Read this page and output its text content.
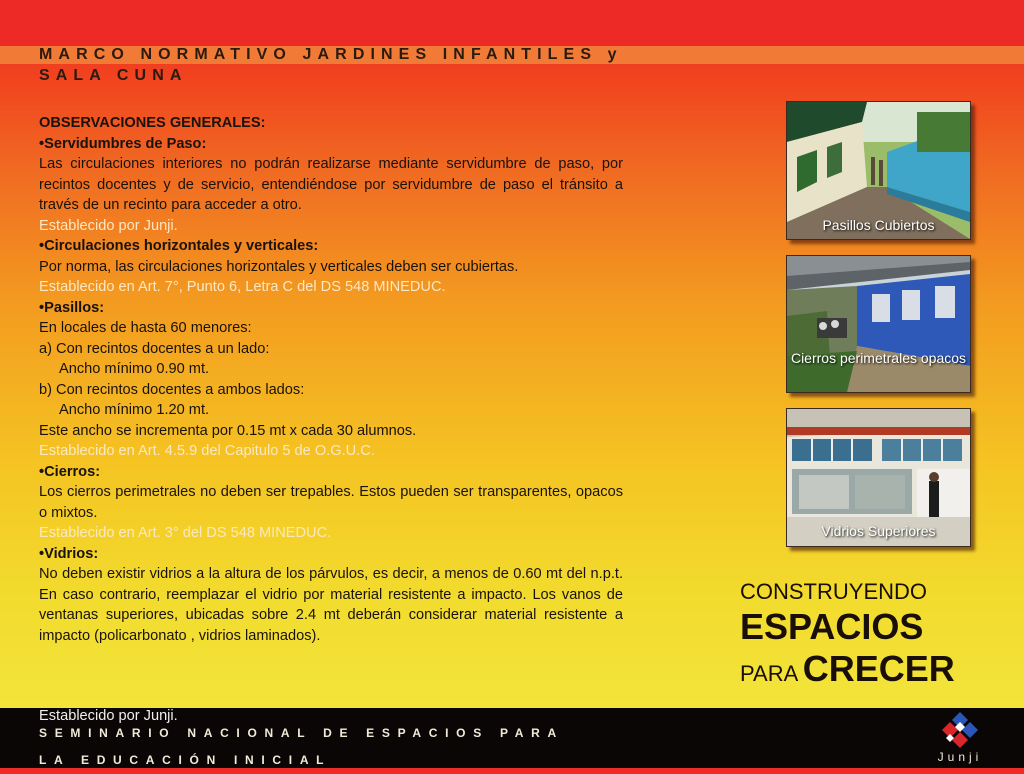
MARCO NORMATIVO JARDINES INFANTILES y SALA CUNA

OBSERVACIONES GENERALES:

•Servidumbres de Paso:

Las circulaciones interiores no podrán realizarse mediante servidumbre de paso, por recintos docentes y de servicio, entendiéndose por servidumbre de paso el tránsito a través de un recinto para acceder a otro.

Establecido por Junji.

•Circulaciones horizontales y verticales:

Por norma, las circulaciones horizontales y verticales deben ser cubiertas.

Establecido en Art. 7°, Punto 6, Letra C del DS 548 MINEDUC.

•Pasillos:

En locales de hasta 60 menores:

a) Con recintos docentes a un lado:

Ancho mínimo 0.90 mt.

b) Con recintos docentes a ambos lados:

Ancho mínimo 1.20 mt.

Este ancho se incrementa por 0.15 mt x cada 30 alumnos.

Establecido en Art. 4.5.9 del Capitulo 5 de O.G.U.C.

•Cierros:

Los cierros perimetrales no deben ser trepables. Estos pueden ser transparentes, opacos o mixtos.

Establecido en Art. 3° del DS 548 MINEDUC.

•Vidrios:

No deben existir vidrios a la altura de los párvulos, es decir, a menos de 0.60 mt del n.p.t. En caso contrario, reemplazar el vidrio por material resistente a impacto. Los vanos de ventanas superiores, ubicadas sobre 2.4 mt deberán considerar material resistente a impacto (policarbonato , vidrios laminados).

Pasillos Cubiertos
Cierros perimetrales opacos
Vidrios Superiores
CONSTRUYENDO
ESPACIOS
PARA CRECER
Establecido por Junji.
SEMINARIO NACIONAL DE ESPACIOS PARA LA EDUCACIÓN INICIAL	Junji
